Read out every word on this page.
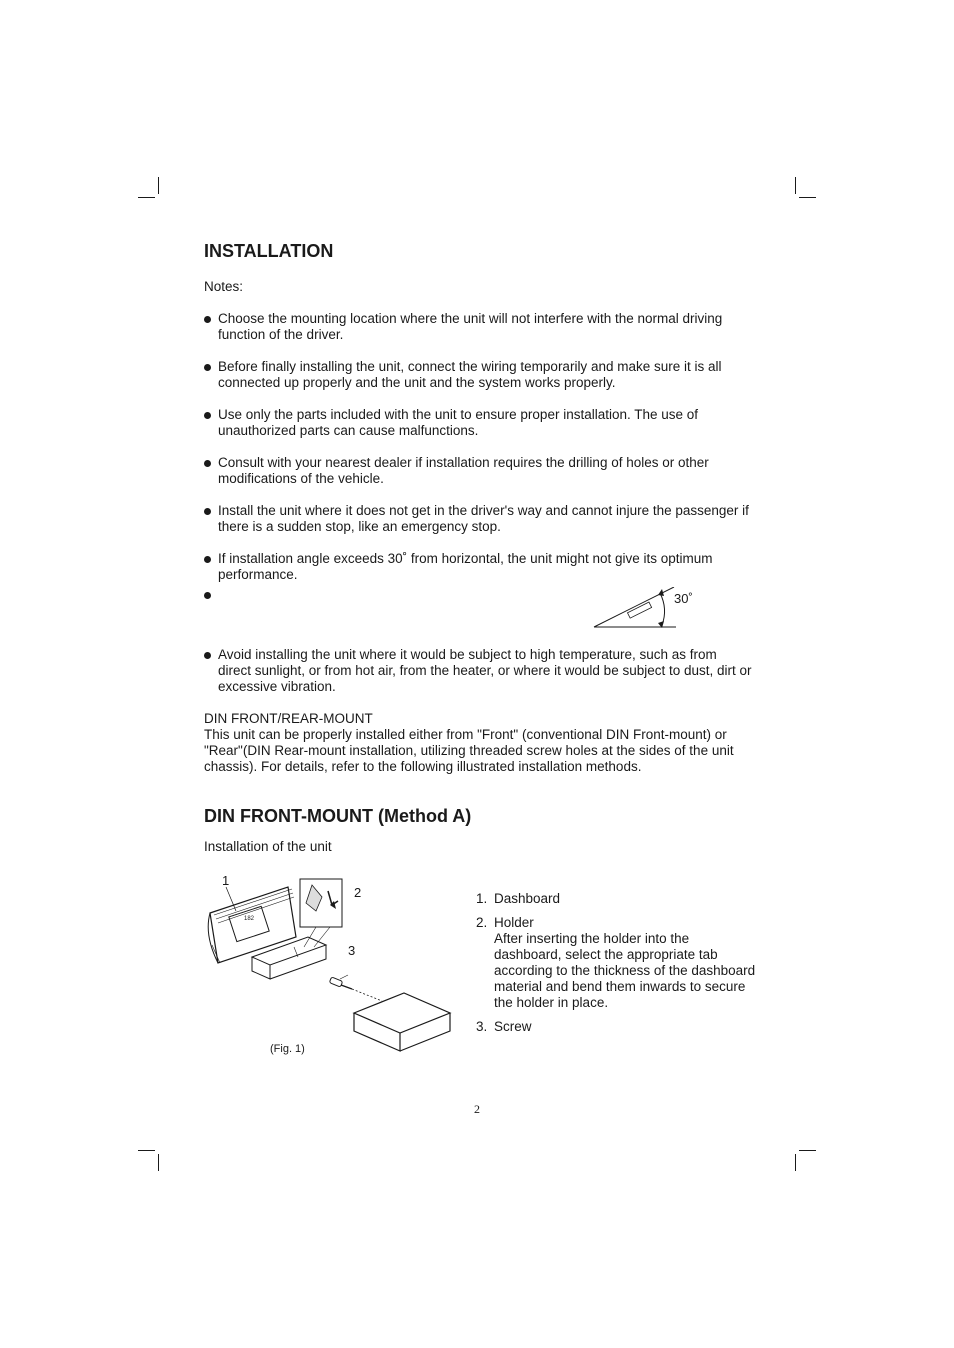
INSTALLATION
Notes:
Choose the mounting location where the unit will not interfere with the normal driving function of the driver.
Before finally installing the unit, connect the wiring temporarily and make sure it is all connected up properly and the unit and the system works properly.
Use only the parts included with the unit to ensure proper installation. The use of unauthorized parts can cause malfunctions.
Consult with your nearest dealer if installation requires the drilling of holes or other modifications of the vehicle.
Install the unit where it does not get in the driver's way and cannot injure the passenger if there is a sudden stop, like an emergency stop.
If installation angle exceeds 30˚ from horizontal, the unit might not give its optimum performance.
30˚
Avoid installing the unit where it would be subject to high temperature, such as from direct sunlight, or from hot air, from the heater, or where it would be subject to dust, dirt or excessive vibration.
DIN FRONT/REAR-MOUNT
This unit can be properly installed either from "Front" (conventional DIN Front-mount) or "Rear"(DIN Rear-mount installation, utilizing threaded screw holes at the sides of the unit chassis). For details, refer to the following illustrated installation methods.
DIN FRONT-MOUNT (Method A)
Installation of the unit
182
1
2
3
(Fig. 1)
1. Dashboard
2. Holder
After inserting the holder into the dashboard, select the appropriate tab according to the thickness of the dashboard material and bend them inwards to secure the holder in place.
3. Screw
2
